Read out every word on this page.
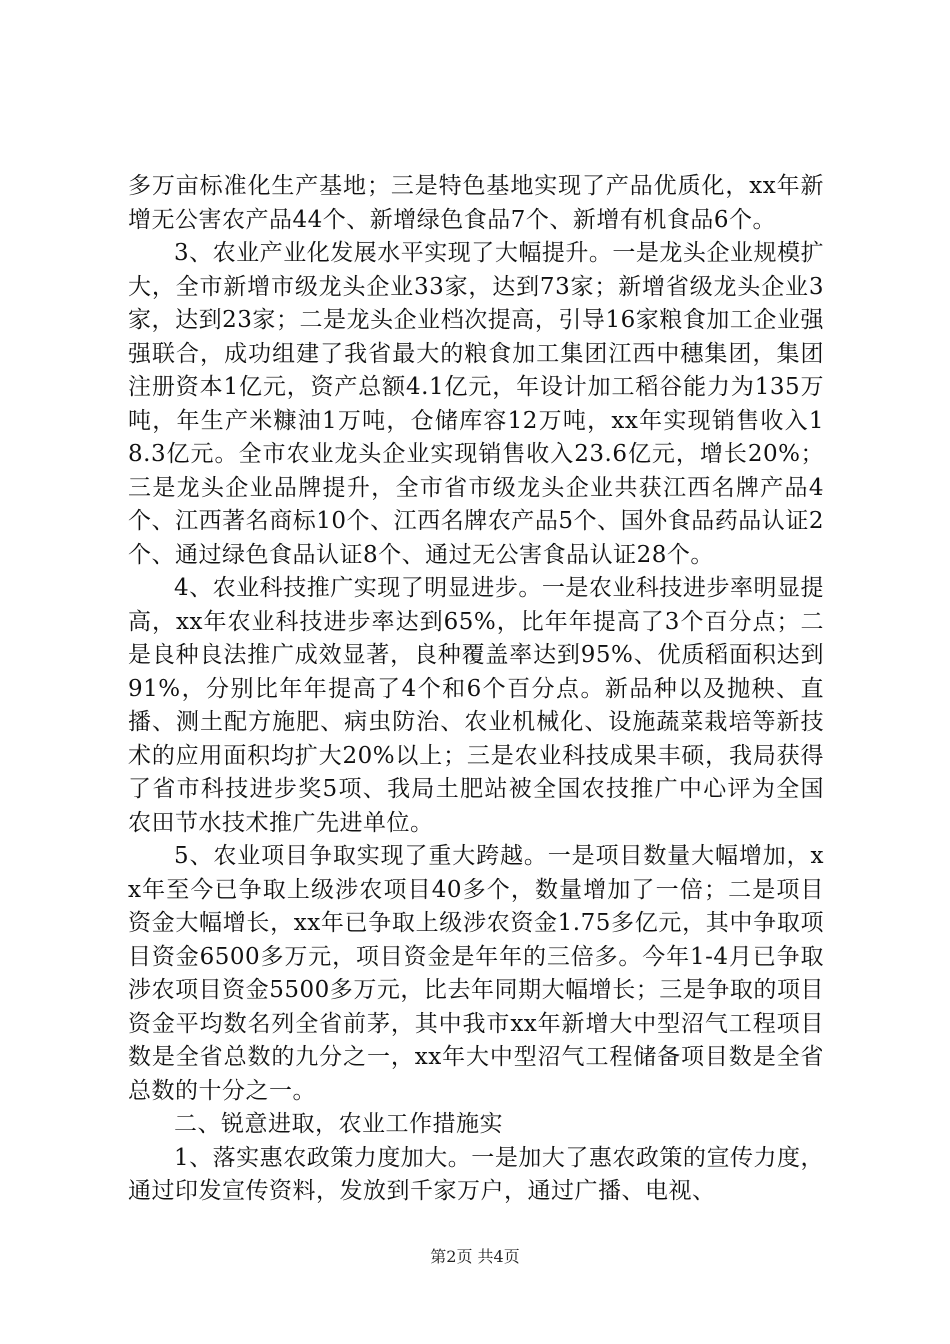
多万亩标准化生产基地；三是特色基地实现了产品优质化，xx年新增无公害农产品44个、新增绿色食品7个、新增有机食品6个。

3、农业产业化发展水平实现了大幅提升。一是龙头企业规模扩大，全市新增市级龙头企业33家，达到73家；新增省级龙头企业3家，达到23家；二是龙头企业档次提高，引导16家粮食加工企业强强联合，成功组建了我省最大的粮食加工集团江西中穗集团，集团注册资本1亿元，资产总额4.1亿元，年设计加工稻谷能力为135万吨，年生产米糠油1万吨，仓储库容12万吨，xx年实现销售收入18.3亿元。全市农业龙头企业实现销售收入23.6亿元，增长20%；三是龙头企业品牌提升，全市省市级龙头企业共获江西名牌产品4个、江西著名商标10个、江西名牌农产品5个、国外食品药品认证2个、通过绿色食品认证8个、通过无公害食品认证28个。

4、农业科技推广实现了明显进步。一是农业科技进步率明显提高，xx年农业科技进步率达到65%，比年年提高了3个百分点；二是良种良法推广成效显著，良种覆盖率达到95%、优质稻面积达到91%，分别比年年提高了4个和6个百分点。新品种以及抛秧、直播、测土配方施肥、病虫防治、农业机械化、设施蔬菜栽培等新技术的应用面积均扩大20%以上；三是农业科技成果丰硕，我局获得了省市科技进步奖5项、我局土肥站被全国农技推广中心评为全国农田节水技术推广先进单位。

5、农业项目争取实现了重大跨越。一是项目数量大幅增加，xx年至今已争取上级涉农项目40多个，数量增加了一倍；二是项目资金大幅增长，xx年已争取上级涉农资金1.75多亿元，其中争取项目资金6500多万元，项目资金是年年的三倍多。今年1-4月已争取涉农项目资金5500多万元，比去年同期大幅增长；三是争取的项目资金平均数名列全省前茅，其中我市xx年新增大中型沼气工程项目数是全省总数的九分之一，xx年大中型沼气工程储备项目数是全省总数的十分之一。

二、锐意进取，农业工作措施实

1、落实惠农政策力度加大。一是加大了惠农政策的宣传力度，通过印发宣传资料，发放到千家万户，通过广播、电视、

第2页 共4页
